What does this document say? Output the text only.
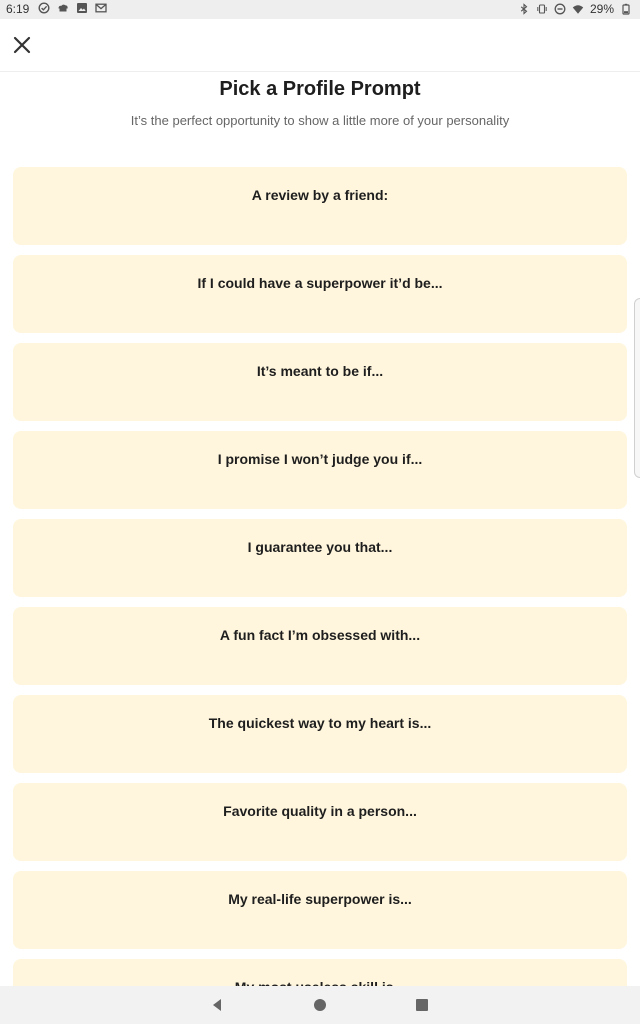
6:19	29%
Pick a Profile Prompt
It’s the perfect opportunity to show a little more of your personality
A review by a friend:
If I could have a superpower it’d be...
It’s meant to be if...
I promise I won’t judge you if...
I guarantee you that...
A fun fact I’m obsessed with...
The quickest way to my heart is...
Favorite quality in a person...
My real-life superpower is...
